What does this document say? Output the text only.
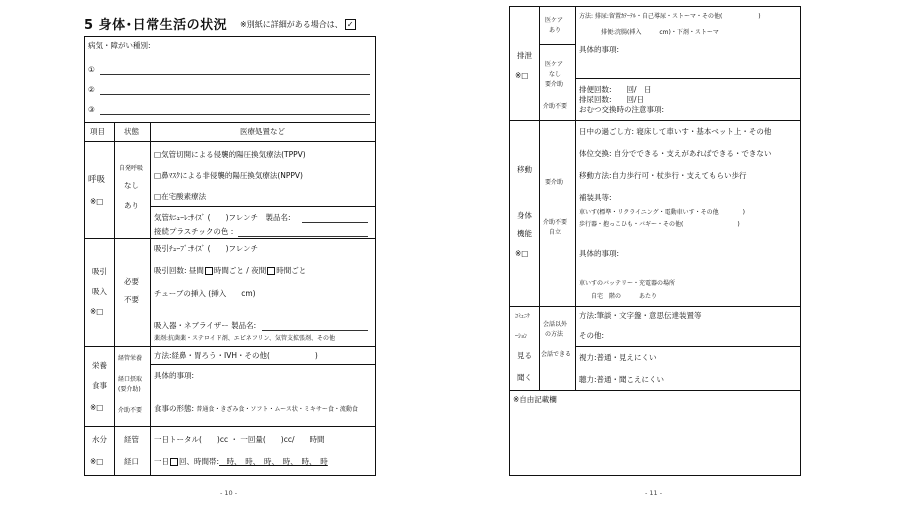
5 身体･日常生活の状況 ※別紙に詳細がある場合は、 ✓
病気・障がい種別:
①
②
③
項目	状態	医療処置など
呼吸
※□
自発呼吸
なし
あり
□気管切開による侵襲的陽圧換気療法(TPPV)
□鼻ﾏｽｸによる非侵襲的陽圧換気療法(NPPV)
□在宅酸素療法
気管ｶﾆｭｰﾚ:ｻｲｽﾞ (　　)フレンチ　製品名:
接続プラスチックの色 :
吸引
吸入
※□
必要
不要
吸引ﾁｭｰﾌﾞ:ｻｲｽﾞ (　　)フレンチ
吸引回数: 昼間 時間ごと / 夜間 時間ごと
チューブの挿入 (挿入　　cm)
吸入器・ネブライザー 製品名:
薬剤:抗菌薬・ステロイド剤、エピネフリン、気管支拡張剤、その他
栄養
食事
※□
経管栄養
経口摂取
(要介助)
介助不要
方法:経鼻・胃ろう・IVH・その他(　　　　　　)
具体的事項:
食事の形態: 普通食・きざみ食・ソフト・ムース状・ミキサー食・流動食
水分
※□
経管
経口
一日トータル(　　)cc ・ 一回量(　　)cc/　　時間
一日 回、時間帯:　時、　時、　時、　時、　時、　時
- 10 -
排泄
※□
医ケア
あり
医ケア
なし
要介助
介助不要
方法: 排尿:留置ｶﾃｰﾃﾙ・自己導尿・ストーマ・その他(　　　　　　)
排便:浣腸(挿入　　　cm)・下剤・ストーマ
具体的事項:
排便回数:　　回/　日
排尿回数:　　回/日
おむつ交換時の注意事項:
移動
身体
機能
※□
要介助
介助不要
自立
日中の過ごし方: 寝床して車いす・基本ベット上・その他
体位交換: 自分でできる・支えがあればできる・できない
移動方法:自力歩行可・杖歩行・支えてもらい歩行
補装具等:
車いす(標準・リクライニング・電動車いす・その他　　　　)
歩行器・抱っこひも・バギー・その他(　　　　　　　　　)
具体的事項:
車いすのバッテリー・充電器の場所
自宅　階の　　　あたり
ｺﾐｭﾆｹ
ｰｼｮﾝ
見る
聞く
会話以外
の方法
会話できる
方法:筆談・文字盤・意思伝達装置等
その他:
視力:普通・見えにくい
聴力:普通・聞こえにくい
※自由記載欄
- 11 -
